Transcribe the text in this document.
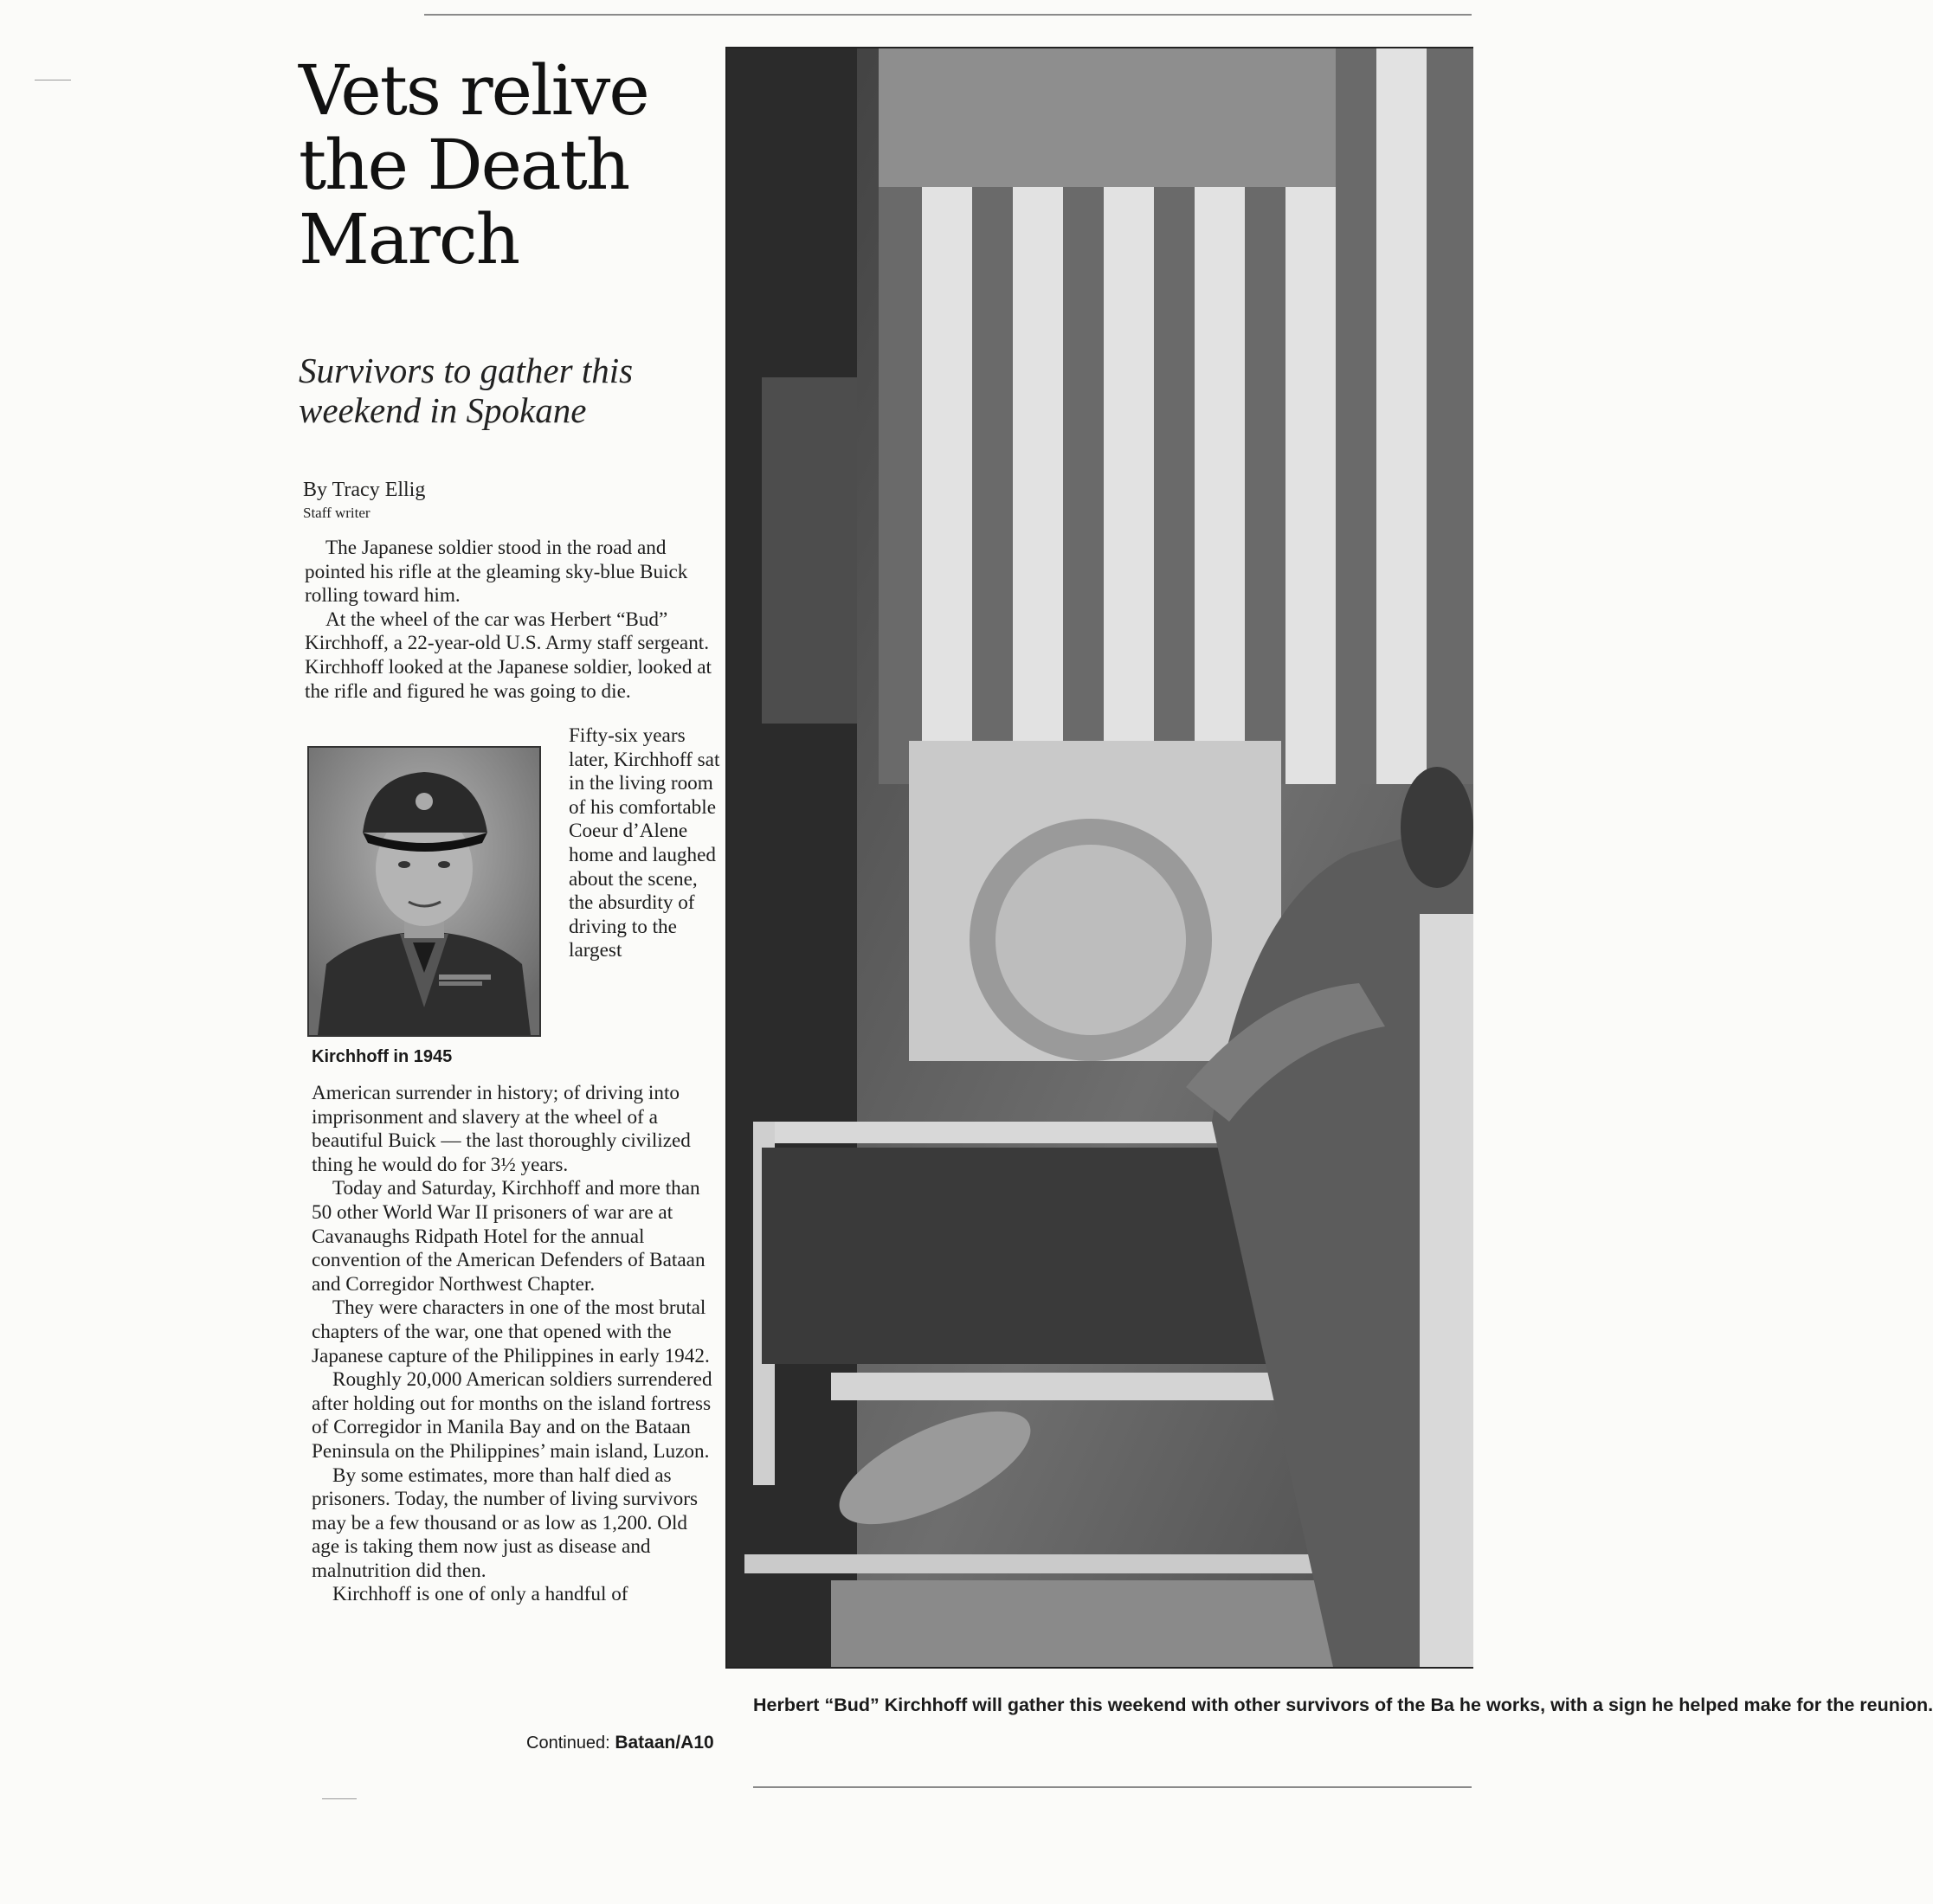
Vets relive the Death March
Survivors to gather this weekend in Spokane
By Tracy Ellig
Staff writer
The Japanese soldier stood in the road and pointed his rifle at the gleaming sky-blue Buick rolling toward him.
At the wheel of the car was Herbert “Bud” Kirchhoff, a 22-year-old U.S. Army staff sergeant. Kirchhoff looked at the Japanese soldier, looked at the rifle and figured he was going to die.
Kirchhoff in 1945
Fifty-six years later, Kirchhoff sat in the living room of his comfortable Coeur d’Alene home and laughed about the scene, the absurdity of driving to the largest
American surrender in history; of driving into imprisonment and slavery at the wheel of a beautiful Buick — the last thoroughly civilized thing he would do for 3½ years.
Today and Saturday, Kirchhoff and more than 50 other World War II prisoners of war are at Cavanaughs Ridpath Hotel for the annual convention of the American Defenders of Bataan and Corregidor Northwest Chapter.
They were characters in one of the most brutal chapters of the war, one that opened with the Japanese capture of the Philippines in early 1942.
Roughly 20,000 American soldiers surrendered after holding out for months on the island fortress of Corregidor in Manila Bay and on the Bataan Peninsula on the Philippines’ main island, Luzon.
By some estimates, more than half died as prisoners. Today, the number of living survivors may be a few thousand or as low as 1,200. Old age is taking them now just as disease and malnutrition did then.
Kirchhoff is one of only a handful of
Continued: Bataan/A10
Herbert “Bud” Kirchhoff will gather this weekend with other survivors of the Ba he works, with a sign he helped make for the reunion.
